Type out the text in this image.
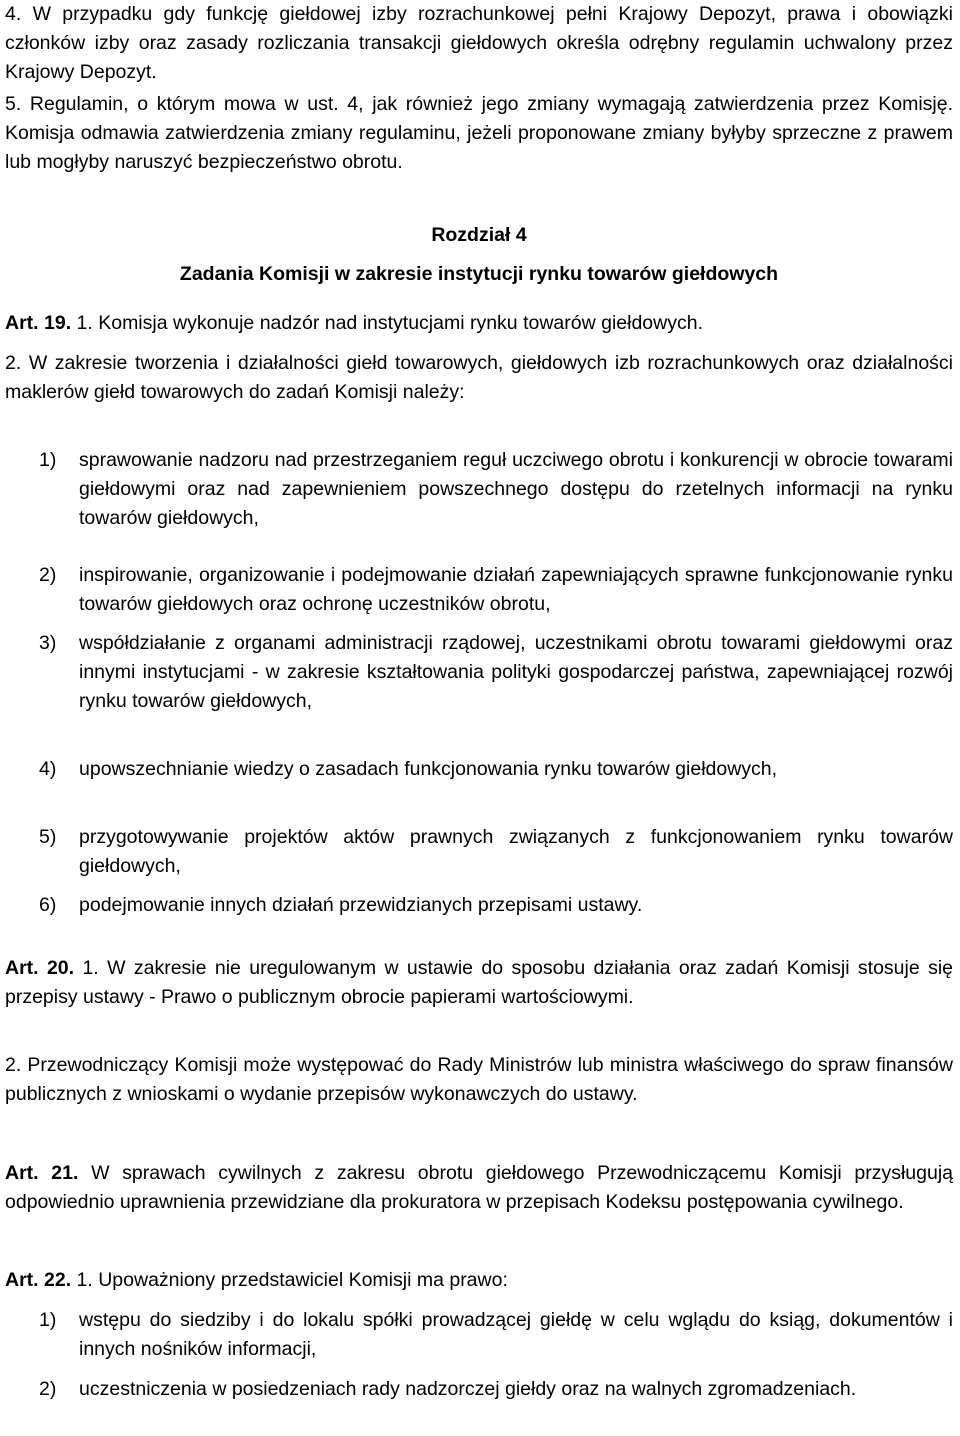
4. W przypadku gdy funkcję giełdowej izby rozrachunkowej pełni Krajowy Depozyt, prawa i obowiązki członków izby oraz zasady rozliczania transakcji giełdowych określa odrębny regulamin uchwalony przez Krajowy Depozyt.

5. Regulamin, o którym mowa w ust. 4, jak również jego zmiany wymagają zatwierdzenia przez Komisję. Komisja odmawia zatwierdzenia zmiany regulaminu, jeżeli proponowane zmiany byłyby sprzeczne z prawem lub mogłyby naruszyć bezpieczeństwo obrotu.

Rozdział 4
Zadania Komisji w zakresie instytucji rynku towarów giełdowych

Art. 19. 1. Komisja wykonuje nadzór nad instytucjami rynku towarów giełdowych.

2. W zakresie tworzenia i działalności giełd towarowych, giełdowych izb rozrachunkowych oraz działalności maklerów giełd towarowych do zadań Komisji należy:

1) sprawowanie nadzoru nad przestrzeganiem reguł uczciwego obrotu i konkurencji w obrocie towarami giełdowymi oraz nad zapewnieniem powszechnego dostępu do rzetelnych informacji na rynku towarów giełdowych,
2) inspirowanie, organizowanie i podejmowanie działań zapewniających sprawne funkcjonowanie rynku towarów giełdowych oraz ochronę uczestników obrotu,
3) współdziałanie z organami administracji rządowej, uczestnikami obrotu towarami giełdowymi oraz innymi instytucjami - w zakresie kształtowania polityki gospodarczej państwa, zapewniającej rozwój rynku towarów giełdowych,
4) upowszechnianie wiedzy o zasadach funkcjonowania rynku towarów giełdowych,
5) przygotowywanie projektów aktów prawnych związanych z funkcjonowaniem rynku towarów giełdowych,
6) podejmowanie innych działań przewidzianych przepisami ustawy.

Art. 20. 1. W zakresie nie uregulowanym w ustawie do sposobu działania oraz zadań Komisji stosuje się przepisy ustawy - Prawo o publicznym obrocie papierami wartościowymi.

2. Przewodniczący Komisji może występować do Rady Ministrów lub ministra właściwego do spraw finansów publicznych z wnioskami o wydanie przepisów wykonawczych do ustawy.

Art. 21. W sprawach cywilnych z zakresu obrotu giełdowego Przewodniczącemu Komisji przysługują odpowiednio uprawnienia przewidziane dla prokuratora w przepisach Kodeksu postępowania cywilnego.

Art. 22. 1. Upoważniony przedstawiciel Komisji ma prawo:

1) wstępu do siedziby i do lokalu spółki prowadzącej giełdę w celu wglądu do ksiąg, dokumentów i innych nośników informacji,
2) uczestniczenia w posiedzeniach rady nadzorczej giełdy oraz na walnych zgromadzeniach.
